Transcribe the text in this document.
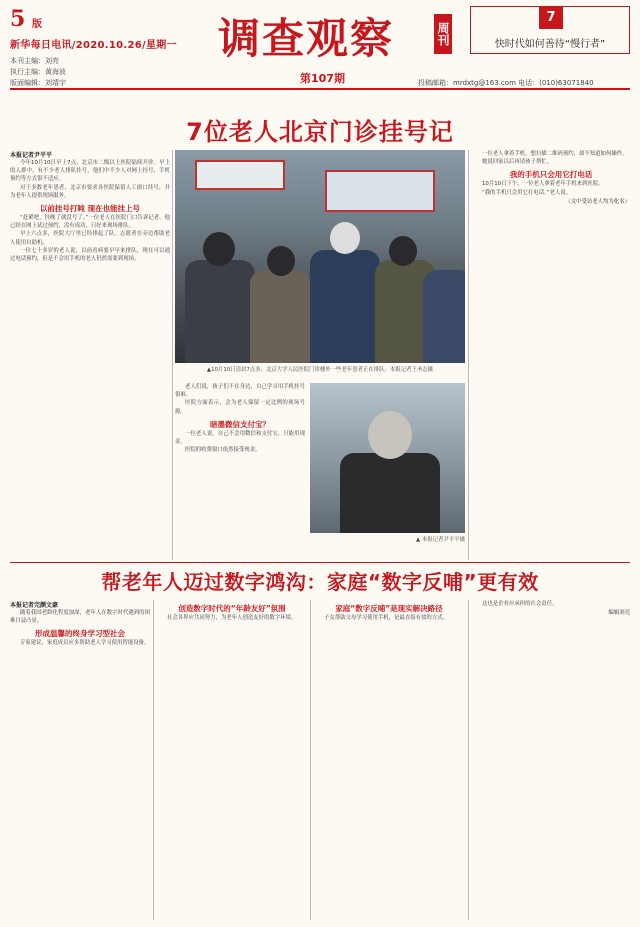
5 版
新华每日电讯/2020.10.26/星期一
本刊主编：刘亮
执行主编：黄海波
版面编辑：刘靖宇
调查观察	周刊
第107期
7
快时代如何善待“慢行者”
投稿邮箱：mrdxtg@163.com 电话：(010)63071840
7位老人北京门诊挂号记

本报记者尹平平

今年10月10日早上7点，北京市二级以上医院陆续开诊。早上的人群中，有不少老人排队挂号，他们中不少人对网上挂号、手机预约等方式很不适应。

对于多数老年患者，北京市要求各医院保留人工窗口挂号，并为老年人提供现场服务。

以前挂号打盹 现在也能挂上号

“赶紧吧，挂晚了就没号了。”一位老人在医院门口告诉记者，他已经在网上试过预约，没有成功，只好来现场排队。

早上六点多，医院大厅里已经排起了队。志愿者在旁边帮助老人使用自助机。

一位七十多岁的老人说，以前看病要早早来排队，现在可以通过电话预约，但是不会用手机的老人仍然需要到现场。

▲10月10日清晨7点多，北京大学人民医院门诊楼外一些老年患者正在排队。本报记者王圣志摄

老人们说，孩子们不在身边，自己学习用手机挂号很难。

医院方面表示，会为老人保留一定比例的现场号源。

暗墨微信支付宝？

一位老人说，自己不会用微信和支付宝，只能用现金。

医院的收费窗口依然接受现金。

▲ 本报记者尹平平摄

一位老人拿着手机，想扫描二维码预约，却不知道如何操作。

她说回家以后再请孩子帮忙。

我的手机只会用它打电话

10月10日下午，一位老人拿着老年手机来到医院。

“我的手机只会用它打电话。”老人说。

（文中受访老人均为化名）

帮老年人迈过数字鸿沟：家庭“数字反哺”更有效

本报记者完颜文豪

随着我国老龄化程度加深，老年人在数字时代遇到的困难日益凸显。

形成温馨的终身学习型社会

专家建议，家庭成员应多帮助老人学习使用智能设备。

创造数字时代的“年龄友好”氛围

社会各界应共同努力，为老年人创造友好的数字环境。

家庭“数字反哺”是现实解决路径

子女帮助父母学习使用手机，是最直接有效的方式。

这也是企业应承担的社会责任。

编辑刘亮
